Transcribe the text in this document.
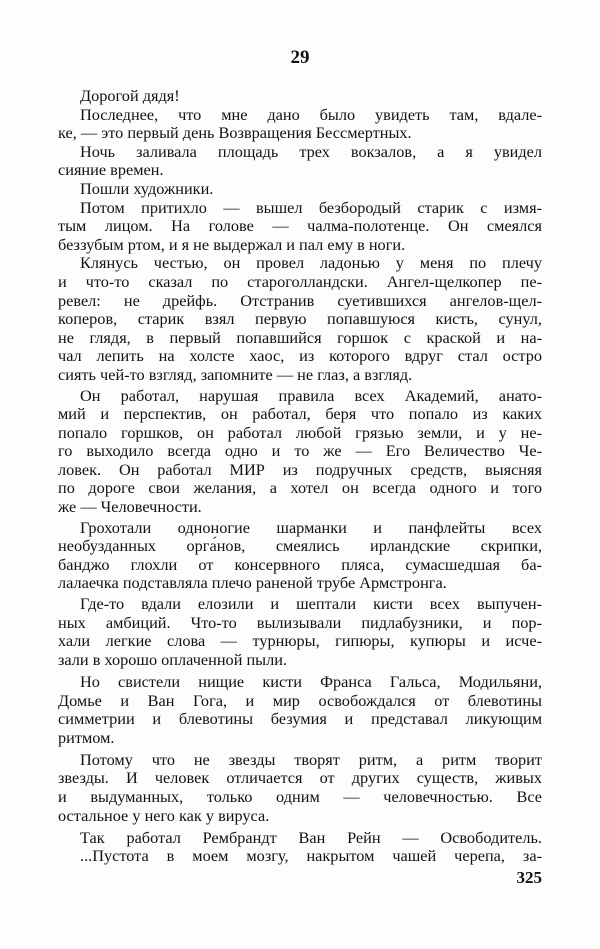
29
Дорогой дядя!
Последнее, что мне дано было увидеть там, вдале-
ке, — это первый день Возвращения Бессмертных.
Ночь заливала площадь трех вокзалов, а я увидел
сияние времен.
Пошли художники.
Потом притихло — вышел безбородый старик с измя-
тым лицом. На голове — чалма-полотенце. Он смеялся
беззубым ртом, и я не выдержал и пал ему в ноги.
Клянусь честью, он провел ладонью у меня по плечу
и что-то сказал по староголландски. Ангел-щелкопер пе-
ревел: не дрейфь. Отстранив суетившихся ангелов-щел-
коперов, старик взял первую попавшуюся кисть, сунул,
не глядя, в первый попавшийся горшок с краской и на-
чал лепить на холсте хаос, из которого вдруг стал остро
сиять чей-то взгляд, запомните — не глаз, а взгляд.
Он работал, нарушая правила всех Академий, анато-
мий и перспектив, он работал, беря что попало из каких
попало горшков, он работал любой грязью земли, и у не-
го выходило всегда одно и то же — Его Величество Че-
ловек. Он работал МИР из подручных средств, выясняя
по дороге свои желания, а хотел он всегда одного и того
же — Человечности.
Грохотали одноногие шарманки и панфлейты всех
необузданных орга́нов, смеялись ирландские скрипки,
банджо глохли от консервного пляса, сумасшедшая ба-
лалаечка подставляла плечо раненой трубе Армстронга.
Где-то вдали елозили и шептали кисти всех выпучен-
ных амбиций. Что-то вылизывали пидлабузники, и пор-
хали легкие слова — турнюры, гипюры, купюры и исче-
зали в хорошо оплаченной пыли.
Но свистели нищие кисти Франса Гальса, Модильяни,
Домье и Ван Гога, и мир освобождался от блевотины
симметрии и блевотины безумия и представал ликующим
ритмом.
Потому что не звезды творят ритм, а ритм творит
звезды. И человек отличается от других существ, живых
и выдуманных, только одним — человечностью. Все
остальное у него как у вируса.
Так работал Рембрандт Ван Рейн — Освободитель.
...Пустота в моем мозгу, накрытом чашей черепа, за-
325
